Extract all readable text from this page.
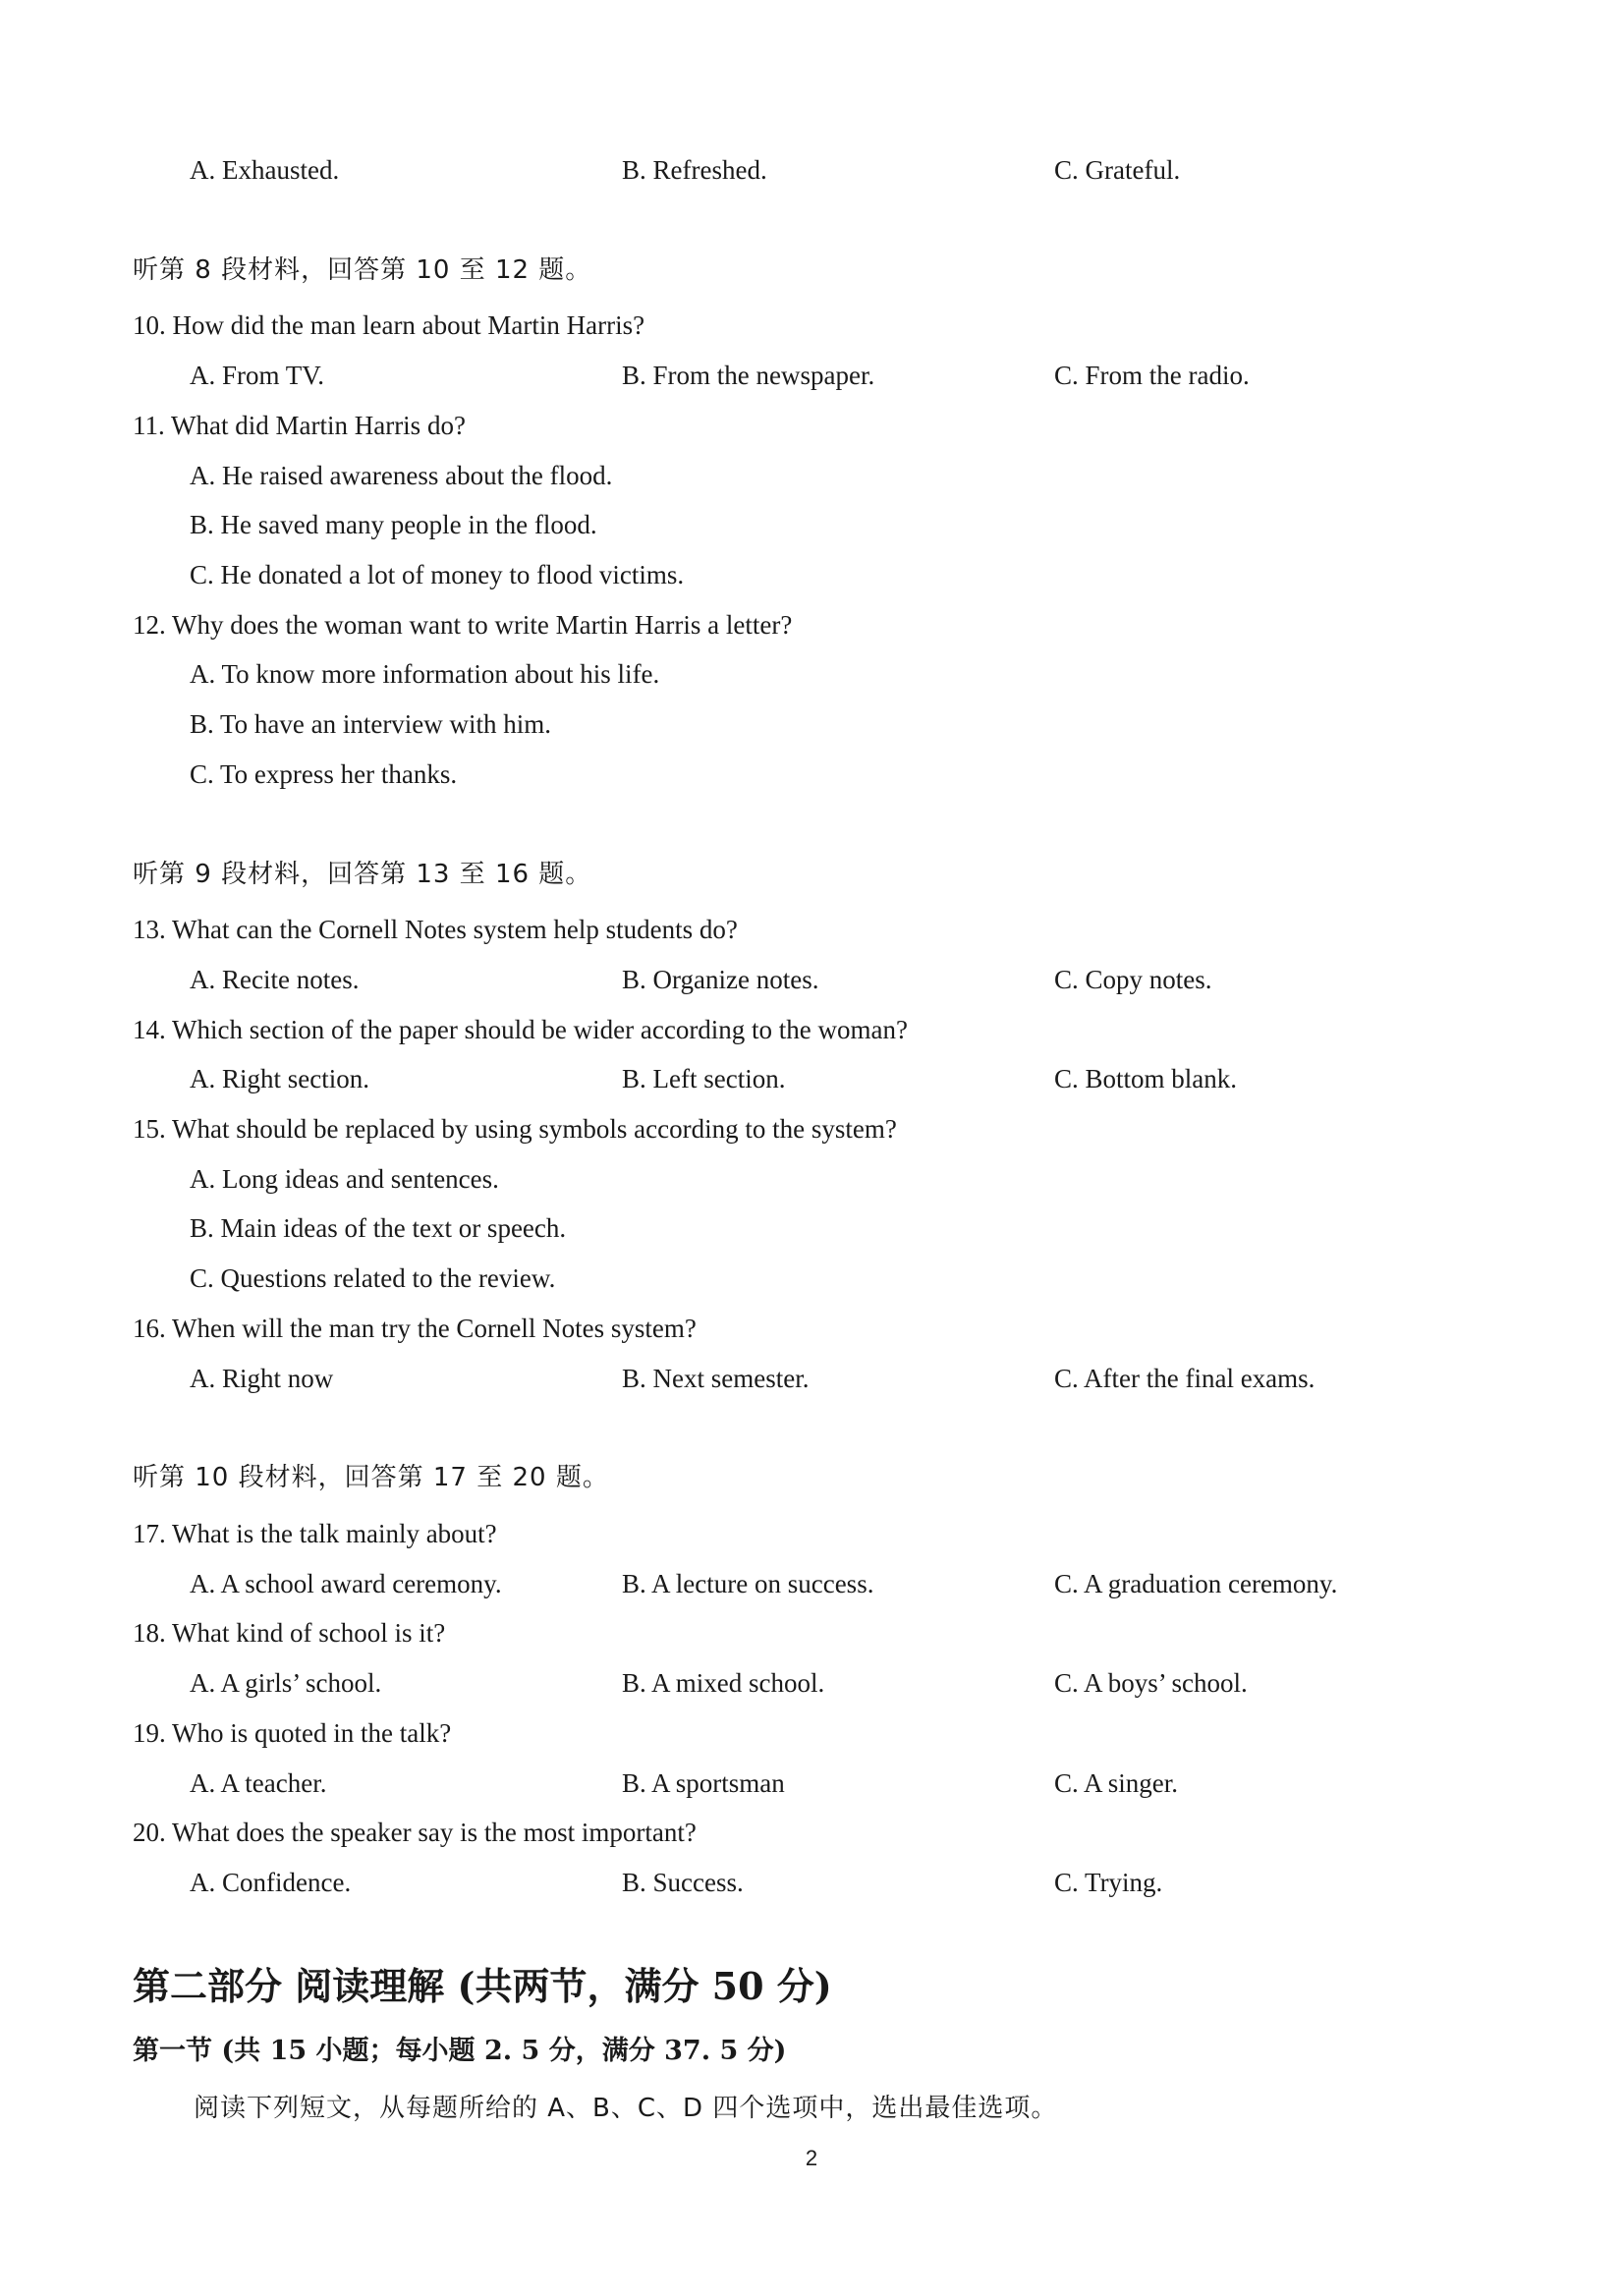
A. Exhausted.	B. Refreshed.	C. Grateful.
听第 8 段材料，回答第 10 至 12 题。
10. How did the man learn about Martin Harris?
A. From TV.	B. From the newspaper.	C. From the radio.
11. What did Martin Harris do?
A. He raised awareness about the flood.
B. He saved many people in the flood.
C. He donated a lot of money to flood victims.
12. Why does the woman want to write Martin Harris a letter?
A. To know more information about his life.
B. To have an interview with him.
C. To express her thanks.
听第 9 段材料，回答第 13 至 16 题。
13. What can the Cornell Notes system help students do?
A. Recite notes.	B. Organize notes.	C. Copy notes.
14. Which section of the paper should be wider according to the woman?
A. Right section.	B. Left section.	C. Bottom blank.
15. What should be replaced by using symbols according to the system?
A. Long ideas and sentences.
B. Main ideas of the text or speech.
C. Questions related to the review.
16. When will the man try the Cornell Notes system?
A. Right now	B. Next semester.	C. After the final exams.
听第 10 段材料，回答第 17 至 20 题。
17. What is the talk mainly about?
A. A school award ceremony.	B. A lecture on success.	C. A graduation ceremony.
18. What kind of school is it?
A. A girls’ school.	B. A mixed school.	C. A boys’ school.
19. Who is quoted in the talk?
A. A teacher.	B. A sportsman	C. A singer.
20. What does the speaker say is the most important?
A. Confidence.	B. Success.	C. Trying.
第二部分 阅读理解 (共两节，满分 50 分)
第一节 (共 15 小题；每小题 2. 5 分，满分 37. 5 分)
阅读下列短文，从每题所给的 A、B、C、D 四个选项中，选出最佳选项。
2
